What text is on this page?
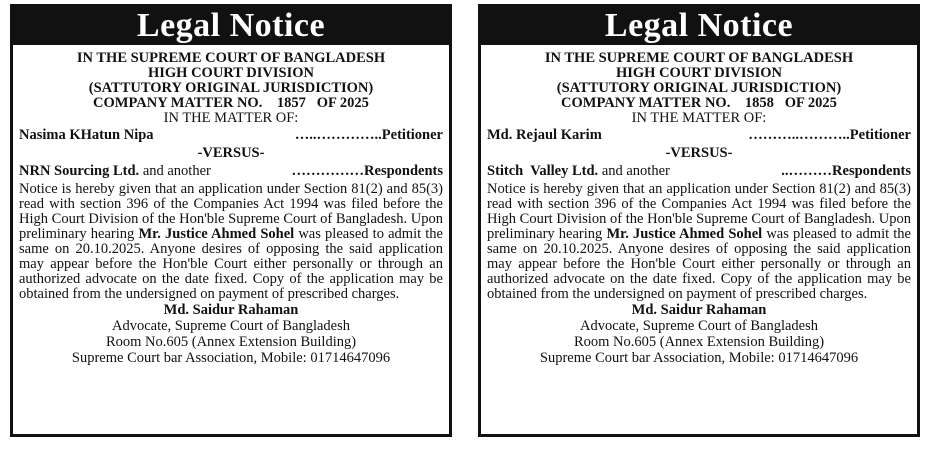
Legal Notice
IN THE SUPREME COURT OF BANGLADESH
HIGH COURT DIVISION
(SATTUTORY ORIGINAL JURISDICTION)
COMPANY MATTER NO.    1857   OF 2025
IN THE MATTER OF:
Nasima KHatun Nipa	…..…………..Petitioner
-VERSUS-
NRN Sourcing Ltd. and another	……………Respondents
Notice is hereby given that an application under Section 81(2) and 85(3) read with section 396 of the Companies Act 1994 was filed before the High Court Division of the Hon'ble Supreme Court of Bangladesh. Upon preliminary hearing Mr. Justice Ahmed Sohel was pleased to admit the same on 20.10.2025. Anyone desires of opposing the said application may appear before the Hon'ble Court either personally or through an authorized advocate on the date fixed. Copy of the application may be obtained from the undersigned on payment of prescribed charges.
Md. Saidur Rahaman
Advocate, Supreme Court of Bangladesh
Room No.605 (Annex Extension Building)
Supreme Court bar Association, Mobile: 01714647096
Legal Notice
IN THE SUPREME COURT OF BANGLADESH
HIGH COURT DIVISION
(SATTUTORY ORIGINAL JURISDICTION)
COMPANY MATTER NO.    1858   OF 2025
IN THE MATTER OF:
Md. Rejaul Karim	………..………..Petitioner
-VERSUS-
Stitch  Valley Ltd. and another	..………Respondents
Notice is hereby given that an application under Section 81(2) and 85(3) read with section 396 of the Companies Act 1994 was filed before the High Court Division of the Hon'ble Supreme Court of Bangladesh. Upon preliminary hearing Mr. Justice Ahmed Sohel was pleased to admit the same on 20.10.2025. Anyone desires of opposing the said application may appear before the Hon'ble Court either personally or through an authorized advocate on the date fixed. Copy of the application may be obtained from the undersigned on payment of prescribed charges.
Md. Saidur Rahaman
Advocate, Supreme Court of Bangladesh
Room No.605 (Annex Extension Building)
Supreme Court bar Association, Mobile: 01714647096
